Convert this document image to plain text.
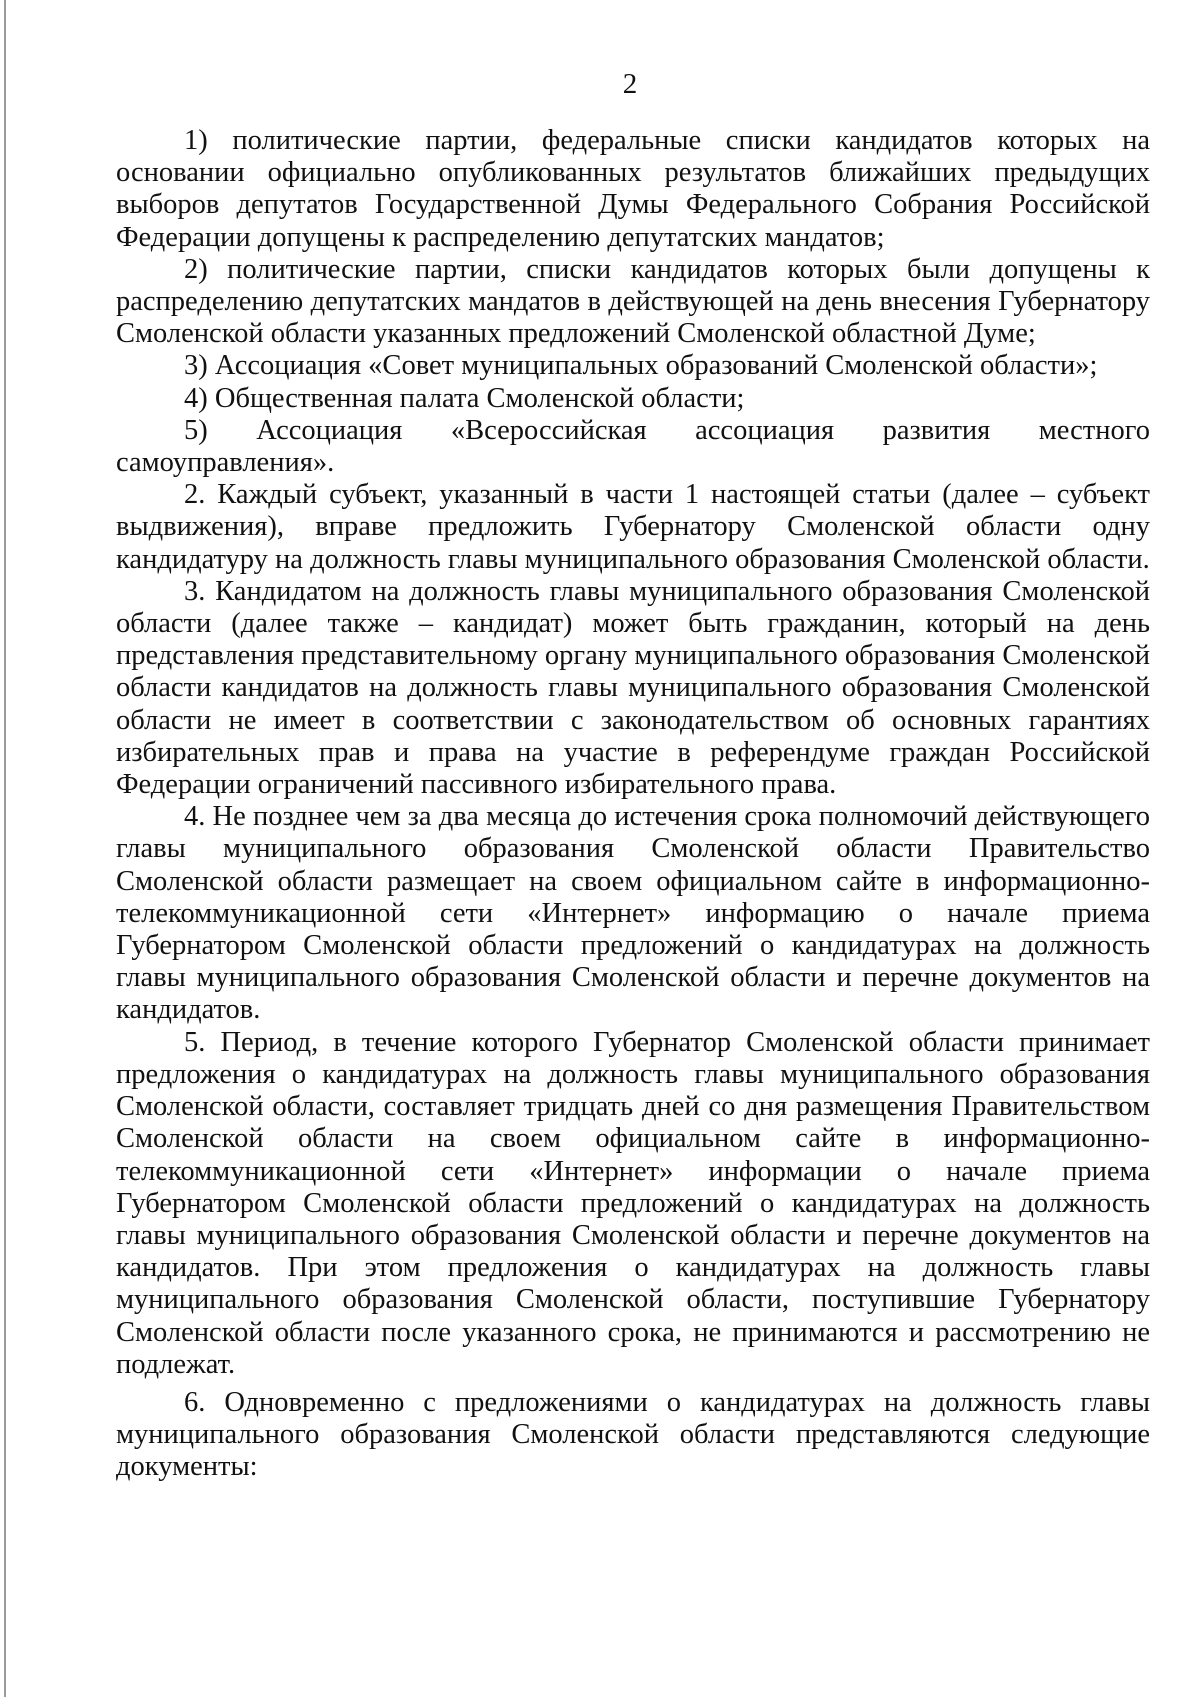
2

1) политические партии, федеральные списки кандидатов которых на основании официально опубликованных результатов ближайших предыдущих выборов депутатов Государственной Думы Федерального Собрания Российской Федерации допущены к распределению депутатских мандатов;

2) политические партии, списки кандидатов которых были допущены к распределению депутатских мандатов в действующей на день внесения Губернатору Смоленской области указанных предложений Смоленской областной Думе;

3) Ассоциация «Совет муниципальных образований Смоленской области»;

4) Общественная палата Смоленской области;

5) Ассоциация «Всероссийская ассоциация развития местного самоуправления».

2. Каждый субъект, указанный в части 1 настоящей статьи (далее – субъект выдвижения), вправе предложить Губернатору Смоленской области одну кандидатуру на должность главы муниципального образования Смоленской области.

3. Кандидатом на должность главы муниципального образования Смоленской области (далее также – кандидат) может быть гражданин, который на день представления представительному органу муниципального образования Смоленской области кандидатов на должность главы муниципального образования Смоленской области не имеет в соответствии с законодательством об основных гарантиях избирательных прав и права на участие в референдуме граждан Российской Федерации ограничений пассивного избирательного права.

4. Не позднее чем за два месяца до истечения срока полномочий действующего главы муниципального образования Смоленской области Правительство Смоленской области размещает на своем официальном сайте в информационно-телекоммуникационной сети «Интернет» информацию о начале приема Губернатором Смоленской области предложений о кандидатурах на должность главы муниципального образования Смоленской области и перечне документов на кандидатов.

5. Период, в течение которого Губернатор Смоленской области принимает предложения о кандидатурах на должность главы муниципального образования Смоленской области, составляет тридцать дней со дня размещения Правительством Смоленской области на своем официальном сайте в информационно-телекоммуникационной сети «Интернет» информации о начале приема Губернатором Смоленской области предложений о кандидатурах на должность главы муниципального образования Смоленской области и перечне документов на кандидатов. При этом предложения о кандидатурах на должность главы муниципального образования Смоленской области, поступившие Губернатору Смоленской области после указанного срока, не принимаются и рассмотрению не подлежат.

6. Одновременно с предложениями о кандидатурах на должность главы муниципального образования Смоленской области представляются следующие документы:
